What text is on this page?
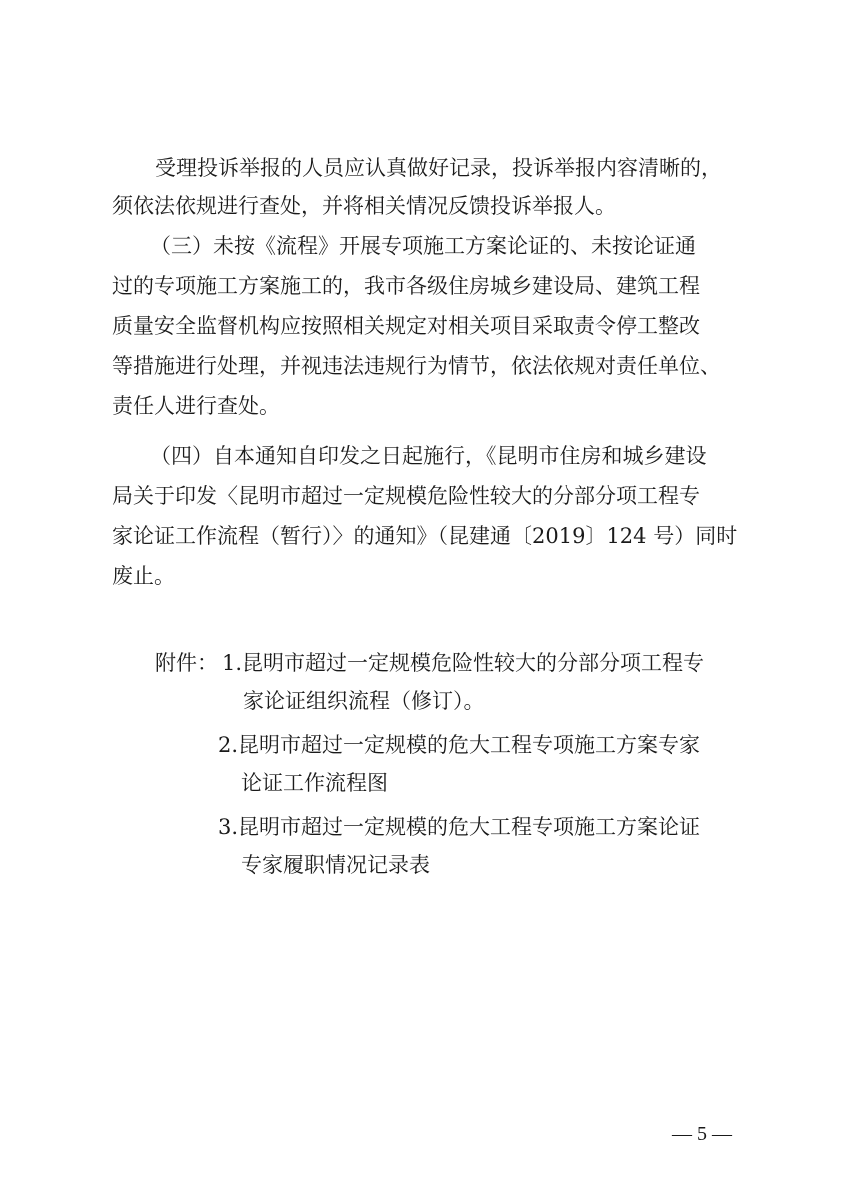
受理投诉举报的人员应认真做好记录，投诉举报内容清晰的，
须依法依规进行查处，并将相关情况反馈投诉举报人。
（三）未按《流程》开展专项施工方案论证的、未按论证通
过的专项施工方案施工的，我市各级住房城乡建设局、建筑工程
质量安全监督机构应按照相关规定对相关项目采取责令停工整改
等措施进行处理，并视违法违规行为情节，依法依规对责任单位、
责任人进行查处。
（四）自本通知自印发之日起施行，《昆明市住房和城乡建设
局关于印发〈昆明市超过一定规模危险性较大的分部分项工程专
家论证工作流程（暂行）〉的通知》（昆建通〔2019〕124 号）同时
废止。
附件： 1.昆明市超过一定规模危险性较大的分部分项工程专
家论证组织流程（修订）。
2.昆明市超过一定规模的危大工程专项施工方案专家
论证工作流程图
3.昆明市超过一定规模的危大工程专项施工方案论证
专家履职情况记录表
— 5 —
